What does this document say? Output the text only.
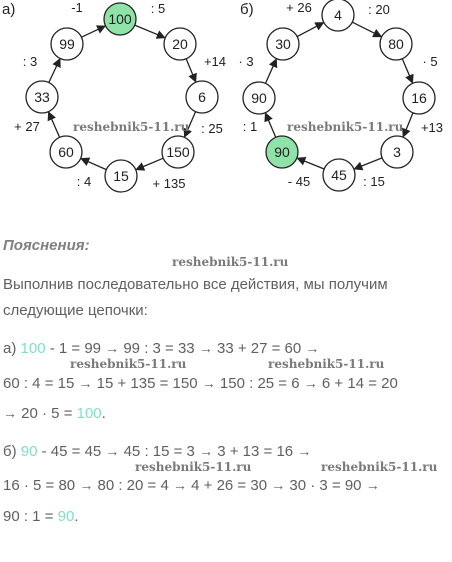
100
20
6
150
15
60
33
99
: 5
+14
: 25
+ 135
: 4
+ 27
: 3
-1	4
80
16
3
45
90
90
30
: 20
· 5
+13
: 15
- 45
: 1
· 3
+ 26
а)	б)
reshebnik5-11.ru	reshebnik5-11.ru
reshebnik5-11.ru
reshebnik5-11.ru	reshebnik5-11.ru
reshebnik5-11.ru	reshebnik5-11.ru
Пояснения:
Выполнив последовательно все действия, мы получим
следующие цепочки:
а) 100 - 1 = 99 → 99 : 3 = 33 → 33 + 27 = 60 →
60 : 4 = 15 → 15 + 135 = 150 → 150 : 25 = 6 → 6 + 14 = 20
→ 20 · 5 = 100.
б) 90 - 45 = 45 → 45 : 15 = 3 → 3 + 13 = 16 →
16 · 5 = 80 → 80 : 20 = 4 → 4 + 26 = 30 → 30 · 3 = 90 →
90 : 1 = 90.
